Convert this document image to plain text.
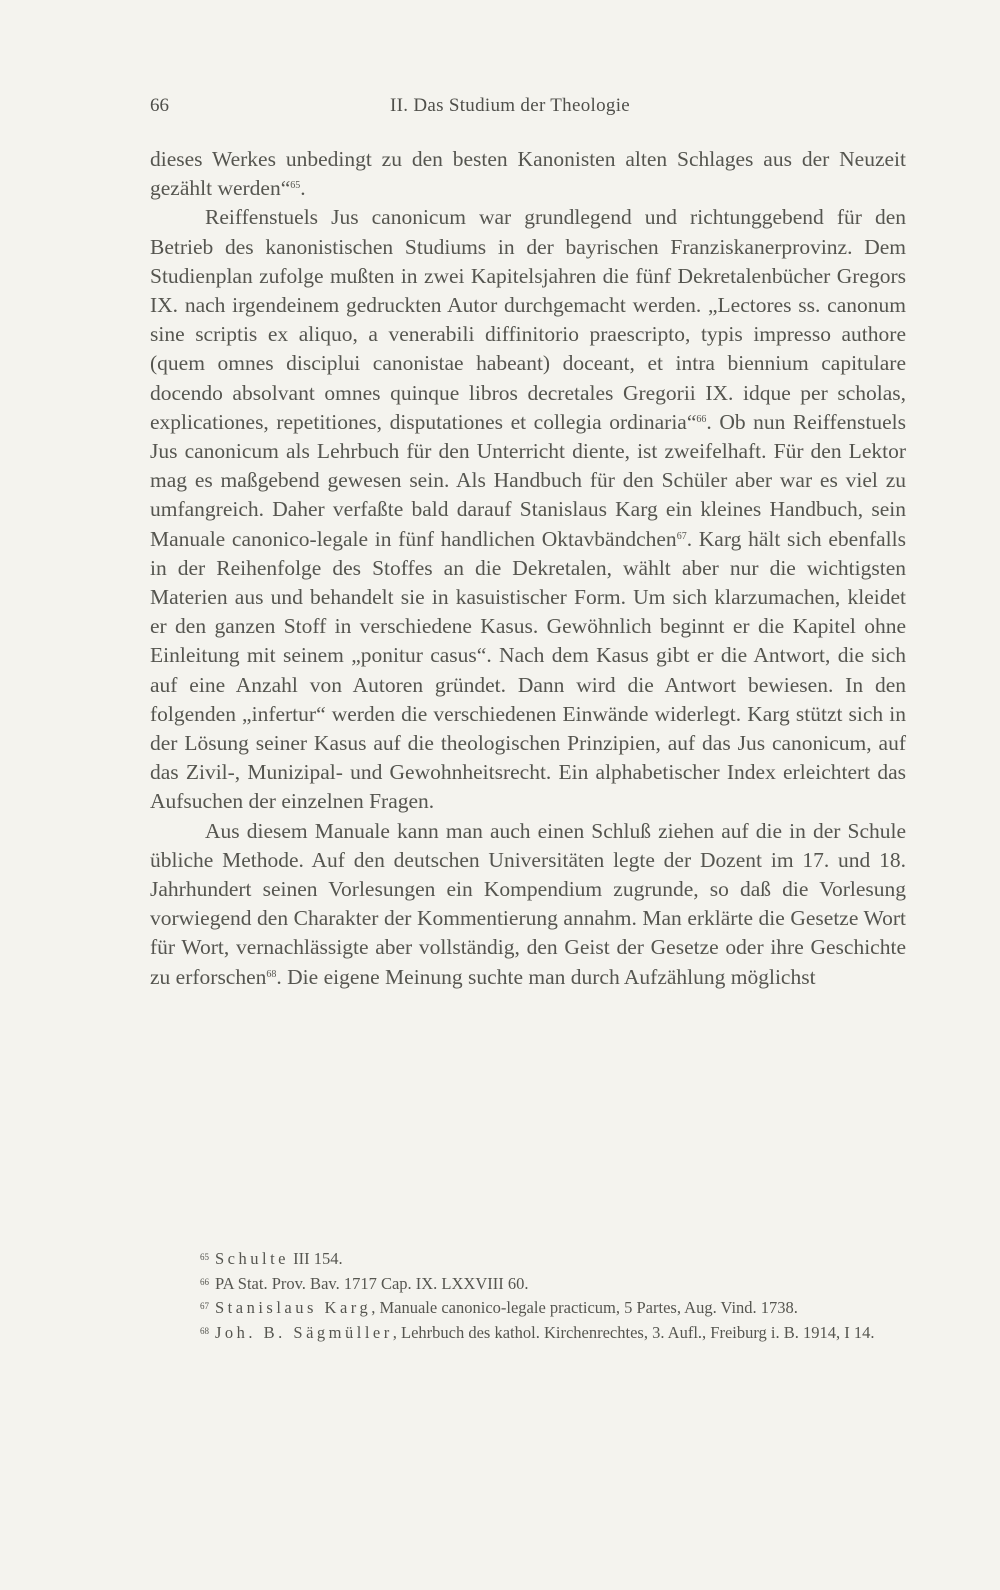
66	II. Das Studium der Theologie

dieses Werkes unbedingt zu den besten Kanonisten alten Schlages aus der Neuzeit gezählt werden“$^{65}$.

Reiffenstuels Jus canonicum war grundlegend und richtunggebend für den Betrieb des kanonistischen Studiums in der bayrischen Franziskanerprovinz. Dem Studienplan zufolge mußten in zwei Kapitelsjahren die fünf Dekretalenbücher Gregors IX. nach irgendeinem gedruckten Autor durchgemacht werden. „Lectores ss. canonum sine scriptis ex aliquo, a venerabili diffinitorio praescripto, typis impresso authore (quem omnes disciplui canonistae habeant) doceant, et intra biennium capitulare docendo absolvant omnes quinque libros decretales Gregorii IX. idque per scholas, explicationes, repetitiones, disputationes et collegia ordinaria“$^{66}$. Ob nun Reiffenstuels Jus canonicum als Lehrbuch für den Unterricht diente, ist zweifelhaft. Für den Lektor mag es maßgebend gewesen sein. Als Handbuch für den Schüler aber war es viel zu umfangreich. Daher verfaßte bald darauf Stanislaus Karg ein kleines Handbuch, sein Manuale canonico-legale in fünf handlichen Oktavbändchen$^{67}$. Karg hält sich ebenfalls in der Reihenfolge des Stoffes an die Dekretalen, wählt aber nur die wichtigsten Materien aus und behandelt sie in kasuistischer Form. Um sich klarzumachen, kleidet er den ganzen Stoff in verschiedene Kasus. Gewöhnlich beginnt er die Kapitel ohne Einleitung mit seinem „ponitur casus“. Nach dem Kasus gibt er die Antwort, die sich auf eine Anzahl von Autoren gründet. Dann wird die Antwort bewiesen. In den folgenden „infertur“ werden die verschiedenen Einwände widerlegt. Karg stützt sich in der Lösung seiner Kasus auf die theologischen Prinzipien, auf das Jus canonicum, auf das Zivil-, Munizipal- und Gewohnheitsrecht. Ein alphabetischer Index erleichtert das Aufsuchen der einzelnen Fragen.

Aus diesem Manuale kann man auch einen Schluß ziehen auf die in der Schule übliche Methode. Auf den deutschen Universitäten legte der Dozent im 17. und 18. Jahrhundert seinen Vorlesungen ein Kompendium zugrunde, so daß die Vorlesung vorwiegend den Charakter der Kommentierung annahm. Man erklärte die Gesetze Wort für Wort, vernachlässigte aber vollständig, den Geist der Gesetze oder ihre Geschichte zu erforschen$^{68}$. Die eigene Meinung suchte man durch Aufzählung möglichst

$^{65}$ Schulte III 154.

$^{66}$ PA Stat. Prov. Bav. 1717 Cap. IX. LXXVIII 60.

$^{67}$ Stanislaus Karg, Manuale canonico-legale practicum, 5 Partes, Aug. Vind. 1738.

$^{68}$ Joh. B. Sägmüller, Lehrbuch des kathol. Kirchenrechtes, 3. Aufl., Freiburg i. B. 1914, I 14.
